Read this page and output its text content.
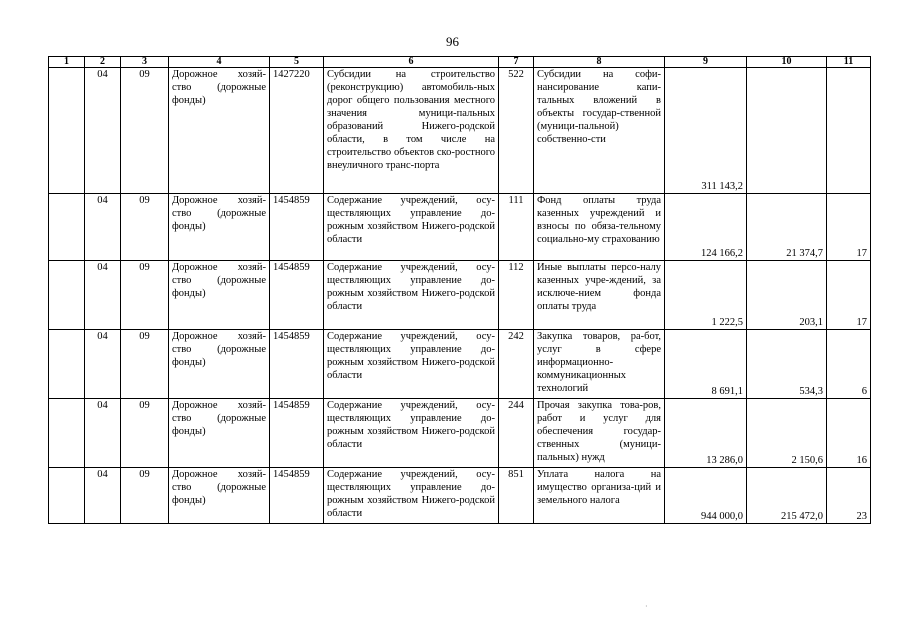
96
1	2	3	4	5	6	7	8	9	10	11
	04	09	Дорожное хозяй-ство (дорожные фонды)	1427220	Субсидии на строительство (реконструкцию) автомобиль-ных дорог общего пользования местного значения муници-пальных образований Нижего-родской области, в том числе на строительство объектов ско-ростного внеуличного транс-порта	522	Субсидии на софи-нансирование капи-тальных вложений в объекты государ-ственной (муници-пальной) собственно-сти	311 143,2		
	04	09	Дорожное хозяй-ство (дорожные фонды)	1454859	Содержание учреждений, осу-ществляющих управление до-рожным хозяйством Нижего-родской области	111	Фонд оплаты труда казенных учреждений и взносы по обяза-тельному социально-му страхованию	124 166,2	21 374,7	17
	04	09	Дорожное хозяй-ство (дорожные фонды)	1454859	Содержание учреждений, осу-ществляющих управление до-рожным хозяйством Нижего-родской области	112	Иные выплаты персо-налу казенных учре-ждений, за исключе-нием фонда оплаты труда	1 222,5	203,1	17
	04	09	Дорожное хозяй-ство (дорожные фонды)	1454859	Содержание учреждений, осу-ществляющих управление до-рожным хозяйством Нижего-родской области	242	Закупка товаров, ра-бот, услуг в сфере информационно-коммуникационных технологий	8 691,1	534,3	6
	04	09	Дорожное хозяй-ство (дорожные фонды)	1454859	Содержание учреждений, осу-ществляющих управление до-рожным хозяйством Нижего-родской области	244	Прочая закупка това-ров, работ и услуг для обеспечения государ-ственных (муници-пальных) нужд	13 286,0	2 150,6	16
	04	09	Дорожное хозяй-ство (дорожные фонды)	1454859	Содержание учреждений, осу-ществляющих управление до-рожным хозяйством Нижего-родской области	851	Уплата налога на имущество организа-ций и земельного налога	944 000,0	215 472,0	23
·
